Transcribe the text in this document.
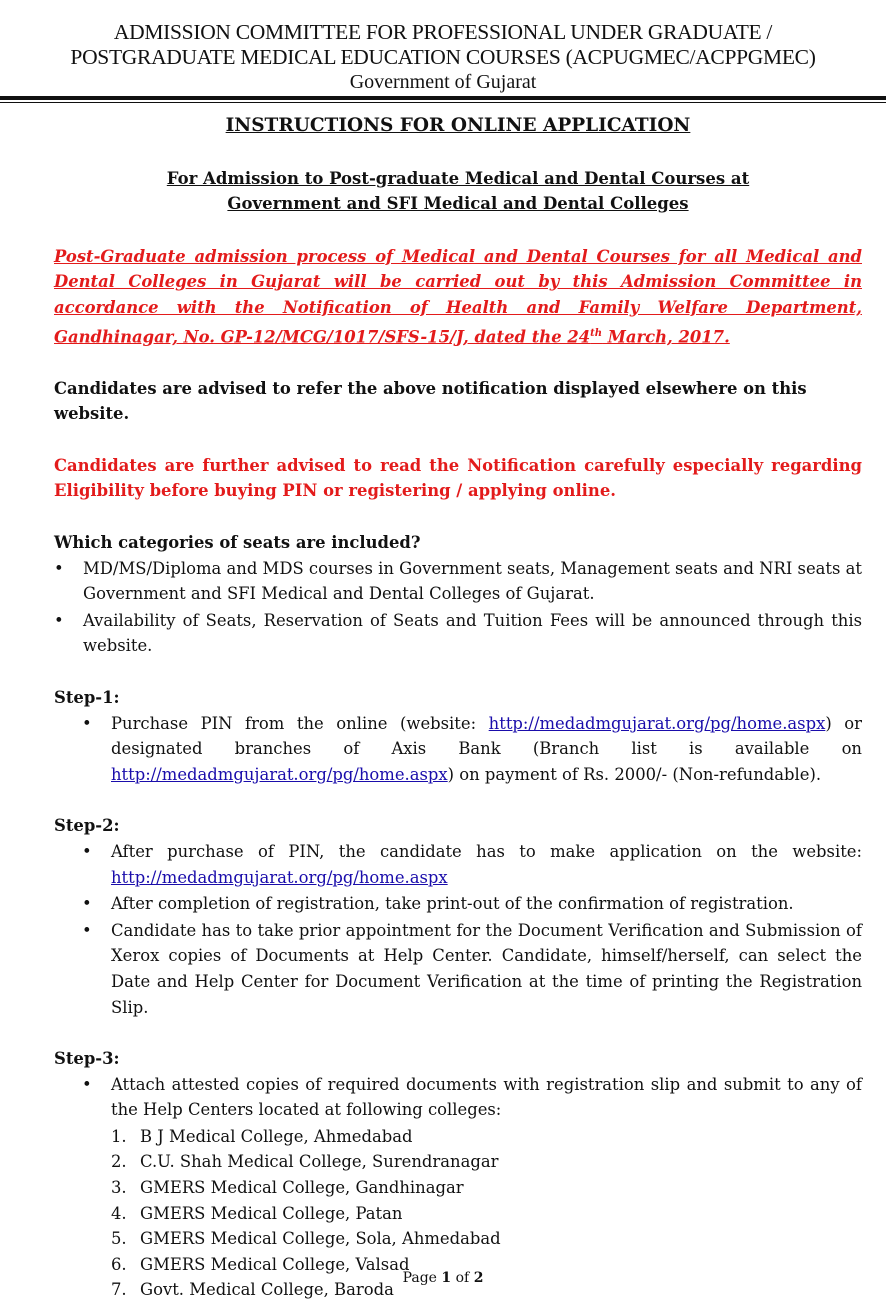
ADMISSION COMMITTEE FOR PROFESSIONAL UNDER GRADUATE /
POSTGRADUATE MEDICAL EDUCATION COURSES (ACPUGMEC/ACPPGMEC)
Government of Gujarat
INSTRUCTIONS FOR ONLINE APPLICATION
For Admission to Post-graduate Medical and Dental Courses at
Government and SFI Medical and Dental Colleges
Post-Graduate admission process of Medical and Dental Courses for all Medical and Dental Colleges in Gujarat will be carried out by this Admission Committee in accordance with the Notification of Health and Family Welfare Department, Gandhinagar, No. GP-12/MCG/1017/SFS-15/J, dated the 24th March, 2017.
Candidates are advised to refer the above notification displayed elsewhere on this website.
Candidates are further advised to read the Notification carefully especially regarding Eligibility before buying PIN or registering / applying online.
Which categories of seats are included?
• MD/MS/Diploma and MDS courses in Government seats, Management seats and NRI seats at Government and SFI Medical and Dental Colleges of Gujarat.
• Availability of Seats, Reservation of Seats and Tuition Fees will be announced through this website.
Step-1:
• Purchase PIN from the online (website: http://medadmgujarat.org/pg/home.aspx) or designated branches of Axis Bank (Branch list is available on http://medadmgujarat.org/pg/home.aspx) on payment of Rs. 2000/- (Non-refundable).
Step-2:
• After purchase of PIN, the candidate has to make application on the website: http://medadmgujarat.org/pg/home.aspx
• After completion of registration, take print-out of the confirmation of registration.
• Candidate has to take prior appointment for the Document Verification and Submission of Xerox copies of Documents at Help Center. Candidate, himself/herself, can select the Date and Help Center for Document Verification at the time of printing the Registration Slip.
Step-3:
• Attach attested copies of required documents with registration slip and submit to any of the Help Centers located at following colleges:
1. B J Medical College, Ahmedabad
2. C.U. Shah Medical College, Surendranagar
3. GMERS Medical College, Gandhinagar
4. GMERS Medical College, Patan
5. GMERS Medical College, Sola, Ahmedabad
6. GMERS Medical College, Valsad
7. Govt. Medical College, Baroda
Page 1 of 2
